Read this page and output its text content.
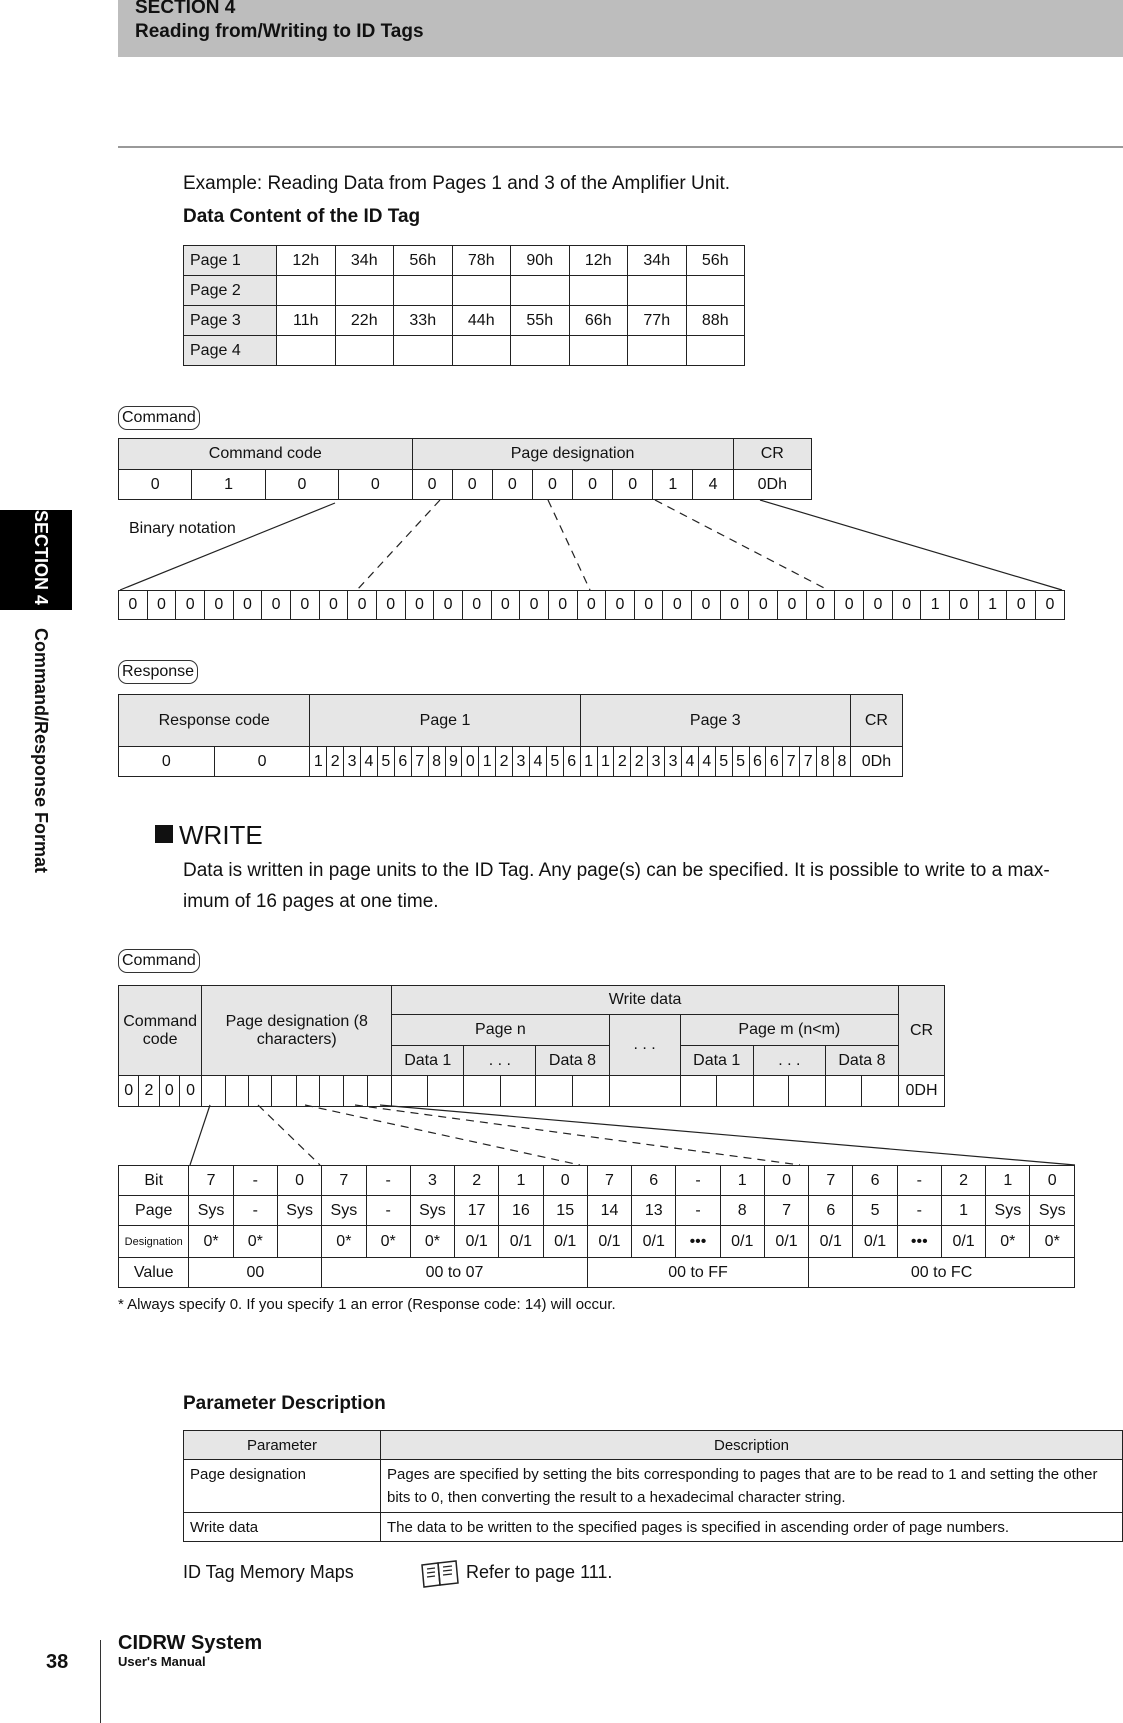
SECTION 4
Reading from/Writing to ID Tags
SECTION 4
Command/Response Format
Example: Reading Data from Pages 1 and 3 of the Amplifier Unit.
Data Content of the ID Tag
Page 1	12h	34h	56h	78h	90h	12h	34h	56h
Page 2								
Page 3	11h	22h	33h	44h	55h	66h	77h	88h
Page 4								
Command
Command code				Page designation								CR
0	1	0	0	0	0	0	0	0	0	1	4	0Dh
Binary notation
0	0	0	0	0	0	0	0	0	0	0	0	0	0	0	0	0	0	0	0	0	0	0	0	0	0	0	0	1	0	1	0	0
Response
Response code		Page 1																Page 3																CR
0	0	1	2	3	4	5	6	7	8	9	0	1	2	3	4	5	6	1	1	2	2	3	3	4	4	5	5	6	6	7	7	8	8	0Dh
WRITE
Data is written in page units to the ID Tag. Any page(s) can be specified. It is possible to write to a max-
imum of 16 pages at one time.
Command
Command code				Page designation (8 characters)								Write data													CR
												Page n						. . .	Page m (n<m)						
												Data 1		. . .		Data 8			Data 1		. . .		Data 8		
0	2	0	0																						0DH
Bit	7	-	0	7	-	3	2	1	0	7	6	-	1	0	7	6	-	2	1	0
Page	Sys	-	Sys	Sys	-	Sys	17	16	15	14	13	-	8	7	6	5	-	1	Sys	Sys
Designation	0*	0*		0*	0*	0*	0/1	0/1	0/1	0/1	0/1	•••	0/1	0/1	0/1	0/1	•••	0/1	0*	0*
Value	00			00 to 07						00 to FF					00 to FC					
* Always specify 0. If you specify 1 an error (Response code: 14) will occur.
Parameter Description
Parameter	Description
Page designation	Pages are specified by setting the bits corresponding to pages that are to be read to 1 and setting the other bits to 0, then converting the result to a hexadecimal character string.
Write data	The data to be written to the specified pages is specified in ascending order of page numbers.
ID Tag Memory Maps	Refer to page 111.
38
CIDRW System
User's Manual
